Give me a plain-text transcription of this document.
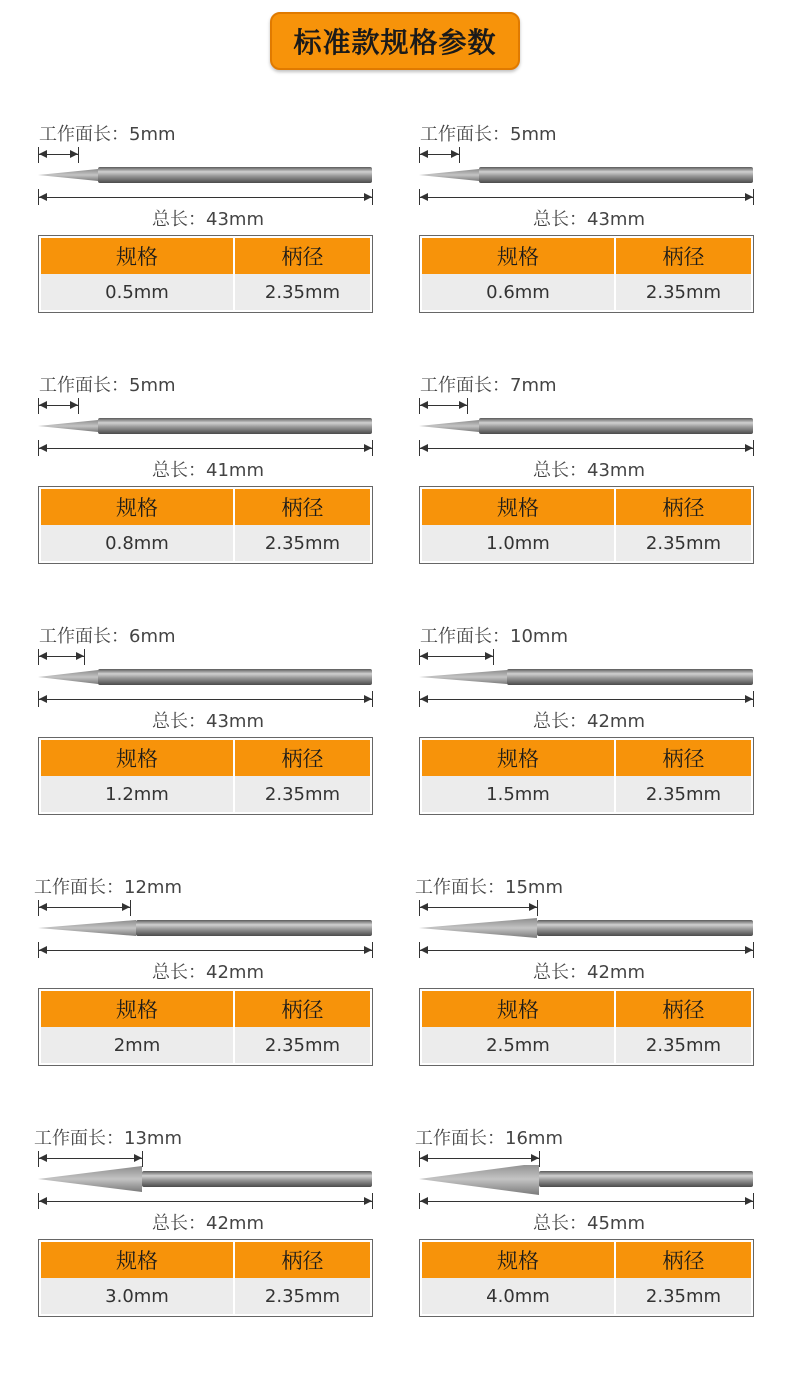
标准款规格参数
工作面长：5mm
总长：43mm
规格	柄径
0.5mm	2.35mm
工作面长：5mm
总长：43mm
规格	柄径
0.6mm	2.35mm
工作面长：5mm
总长：41mm
规格	柄径
0.8mm	2.35mm
工作面长：7mm
总长：43mm
规格	柄径
1.0mm	2.35mm
工作面长：6mm
总长：43mm
规格	柄径
1.2mm	2.35mm
工作面长：10mm
总长：42mm
规格	柄径
1.5mm	2.35mm
工作面长：12mm
总长：42mm
规格	柄径
2mm	2.35mm
工作面长：15mm
总长：42mm
规格	柄径
2.5mm	2.35mm
工作面长：13mm
总长：42mm
规格	柄径
3.0mm	2.35mm
工作面长：16mm
总长：45mm
规格	柄径
4.0mm	2.35mm
